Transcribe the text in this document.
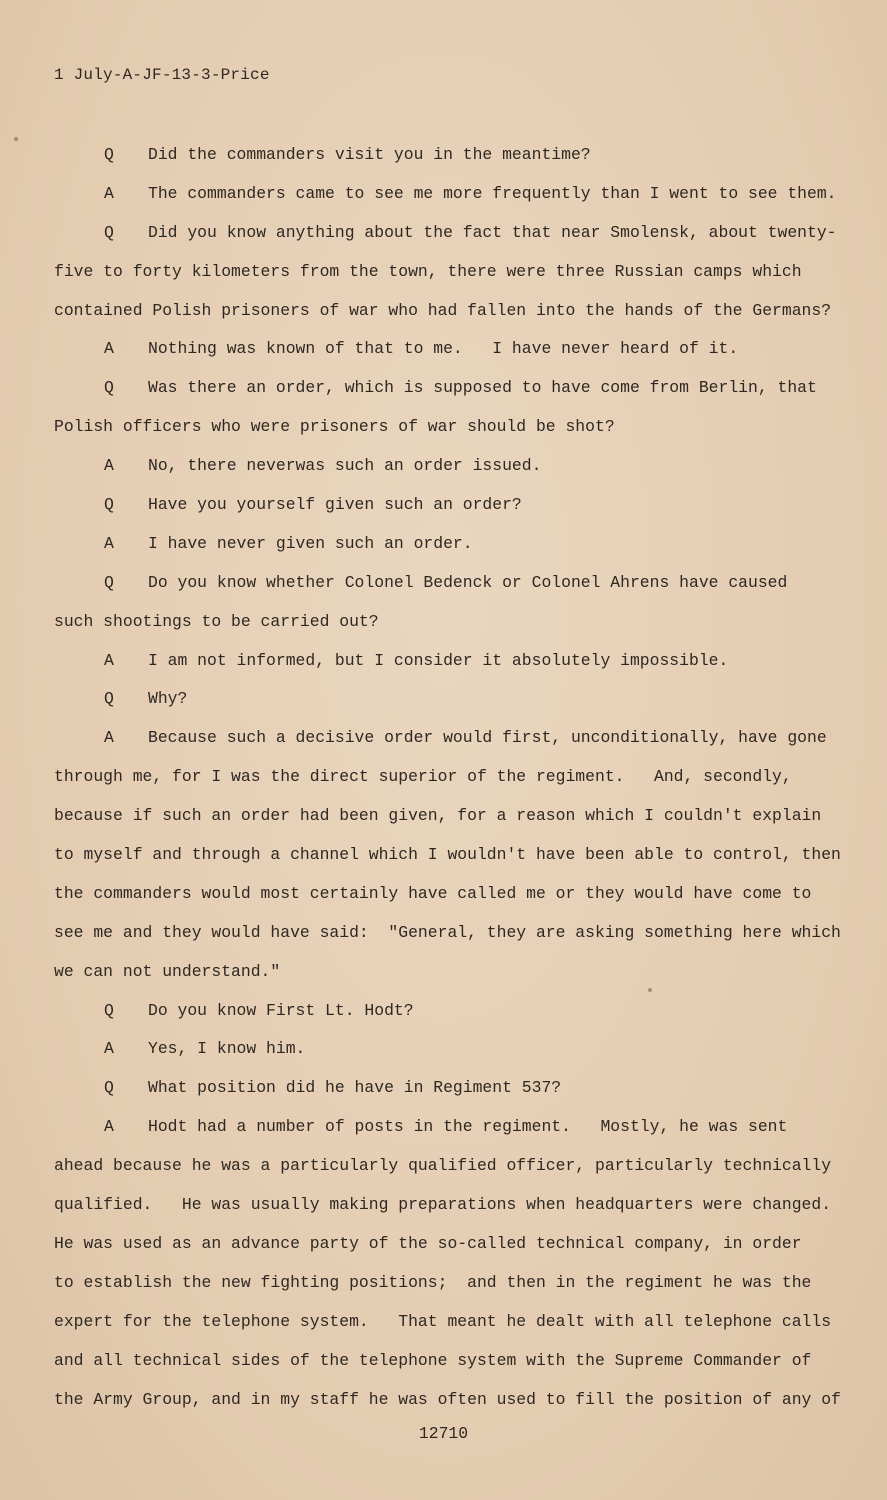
1 July-A-JF-13-3-Price
Q Did the commanders visit you in the meantime?
A The commanders came to see me more frequently than I went to see them.
Q Did you know anything about the fact that near Smolensk, about twenty-
five to forty kilometers from the town, there were three Russian camps which
contained Polish prisoners of war who had fallen into the hands of the Germans?
A Nothing was known of that to me.   I have never heard of it.
Q Was there an order, which is supposed to have come from Berlin, that
Polish officers who were prisoners of war should be shot?
A No, there neverwas such an order issued.
Q Have you yourself given such an order?
A I have never given such an order.
Q Do you know whether Colonel Bedenck or Colonel Ahrens have caused
such shootings to be carried out?
A I am not informed, but I consider it absolutely impossible.
Q Why?
A Because such a decisive order would first, unconditionally, have gone
through me, for I was the direct superior of the regiment.   And, secondly,
because if such an order had been given, for a reason which I couldn't explain
to myself and through a channel which I wouldn't have been able to control, then
the commanders would most certainly have called me or they would have come to
see me and they would have said:  "General, they are asking something here which
we can not understand."
Q Do you know First Lt. Hodt?
A Yes, I know him.
Q What position did he have in Regiment 537?
A Hodt had a number of posts in the regiment.   Mostly, he was sent
ahead because he was a particularly qualified officer, particularly technically
qualified.   He was usually making preparations when headquarters were changed.
He was used as an advance party of the so-called technical company, in order
to establish the new fighting positions;  and then in the regiment he was the
expert for the telephone system.   That meant he dealt with all telephone calls
and all technical sides of the telephone system with the Supreme Commander of
the Army Group, and in my staff he was often used to fill the position of any of
12710
